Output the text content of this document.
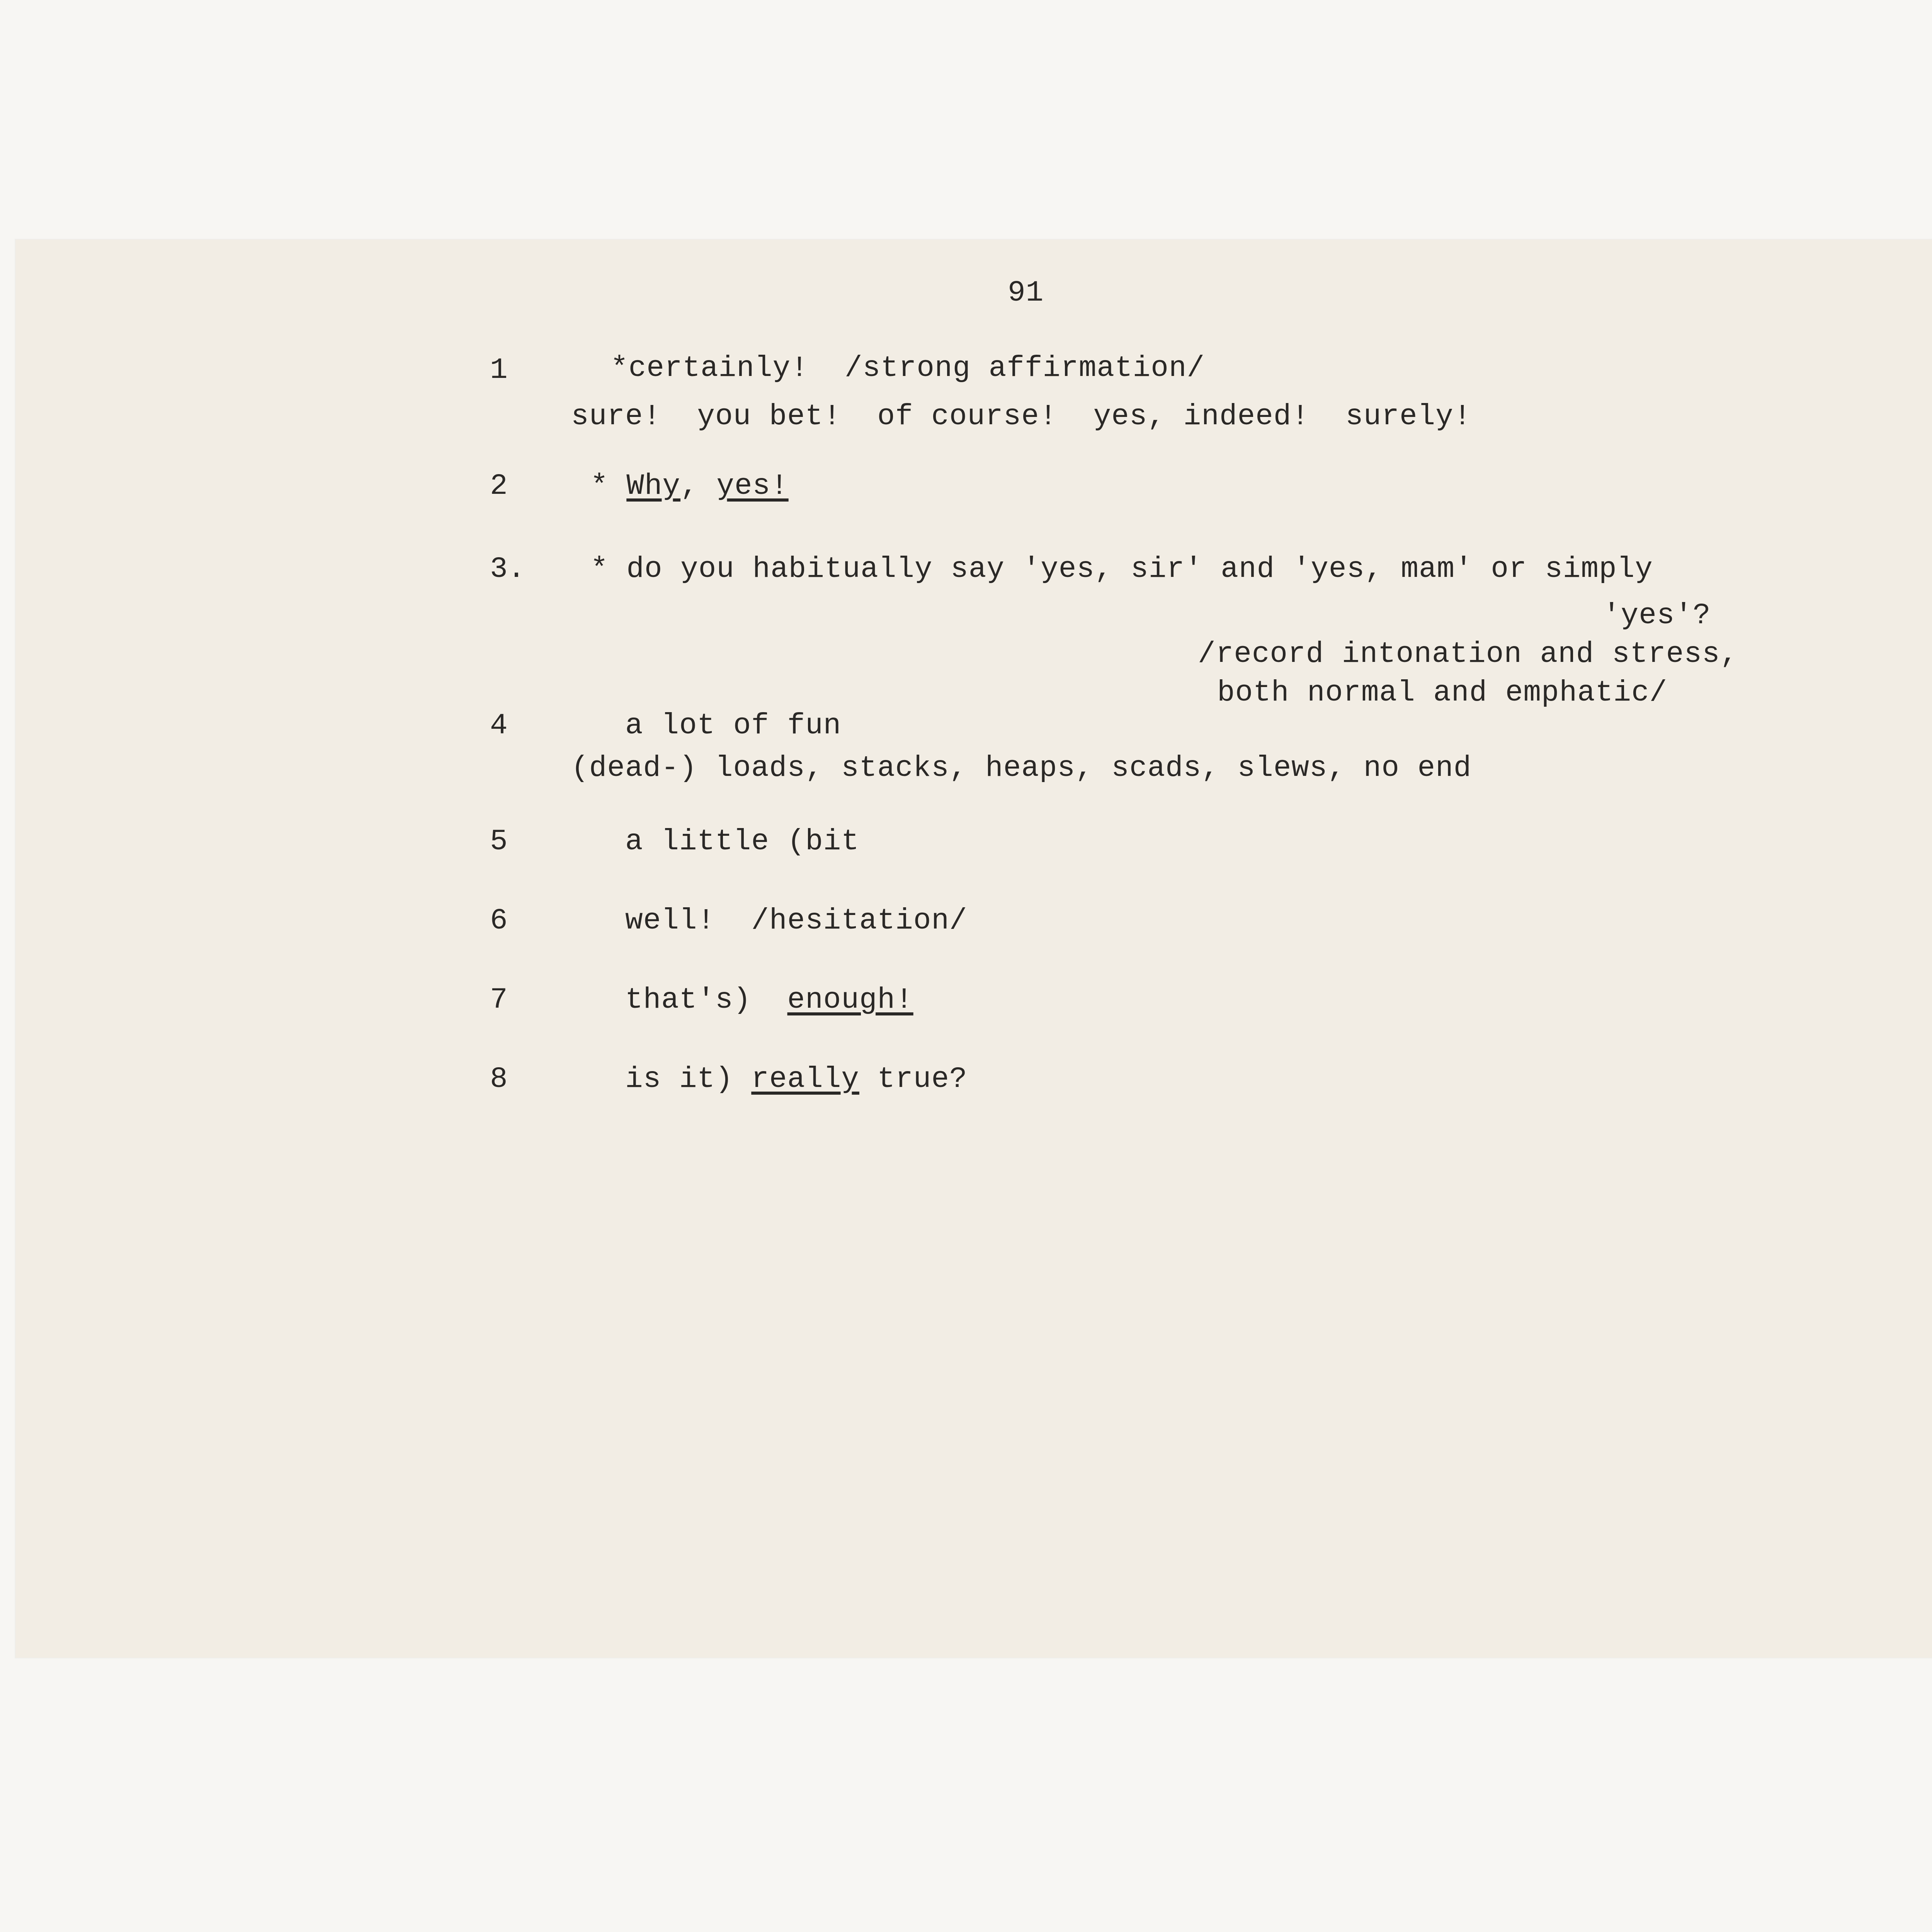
91
1	*certainly!  /strong affirmation/
sure!  you bet!  of course!  yes, indeed!  surely!
2	* Why, yes!
3. * do you habitually say 'yes, sir' and 'yes, mam' or simply
'yes'?
/record intonation and stress,
both normal and emphatic/
4	a lot of fun
(dead-) loads, stacks, heaps, scads, slews, no end
5	a little (bit
6	well!  /hesitation/
7	that's)  enough!
8	is it) really true?
